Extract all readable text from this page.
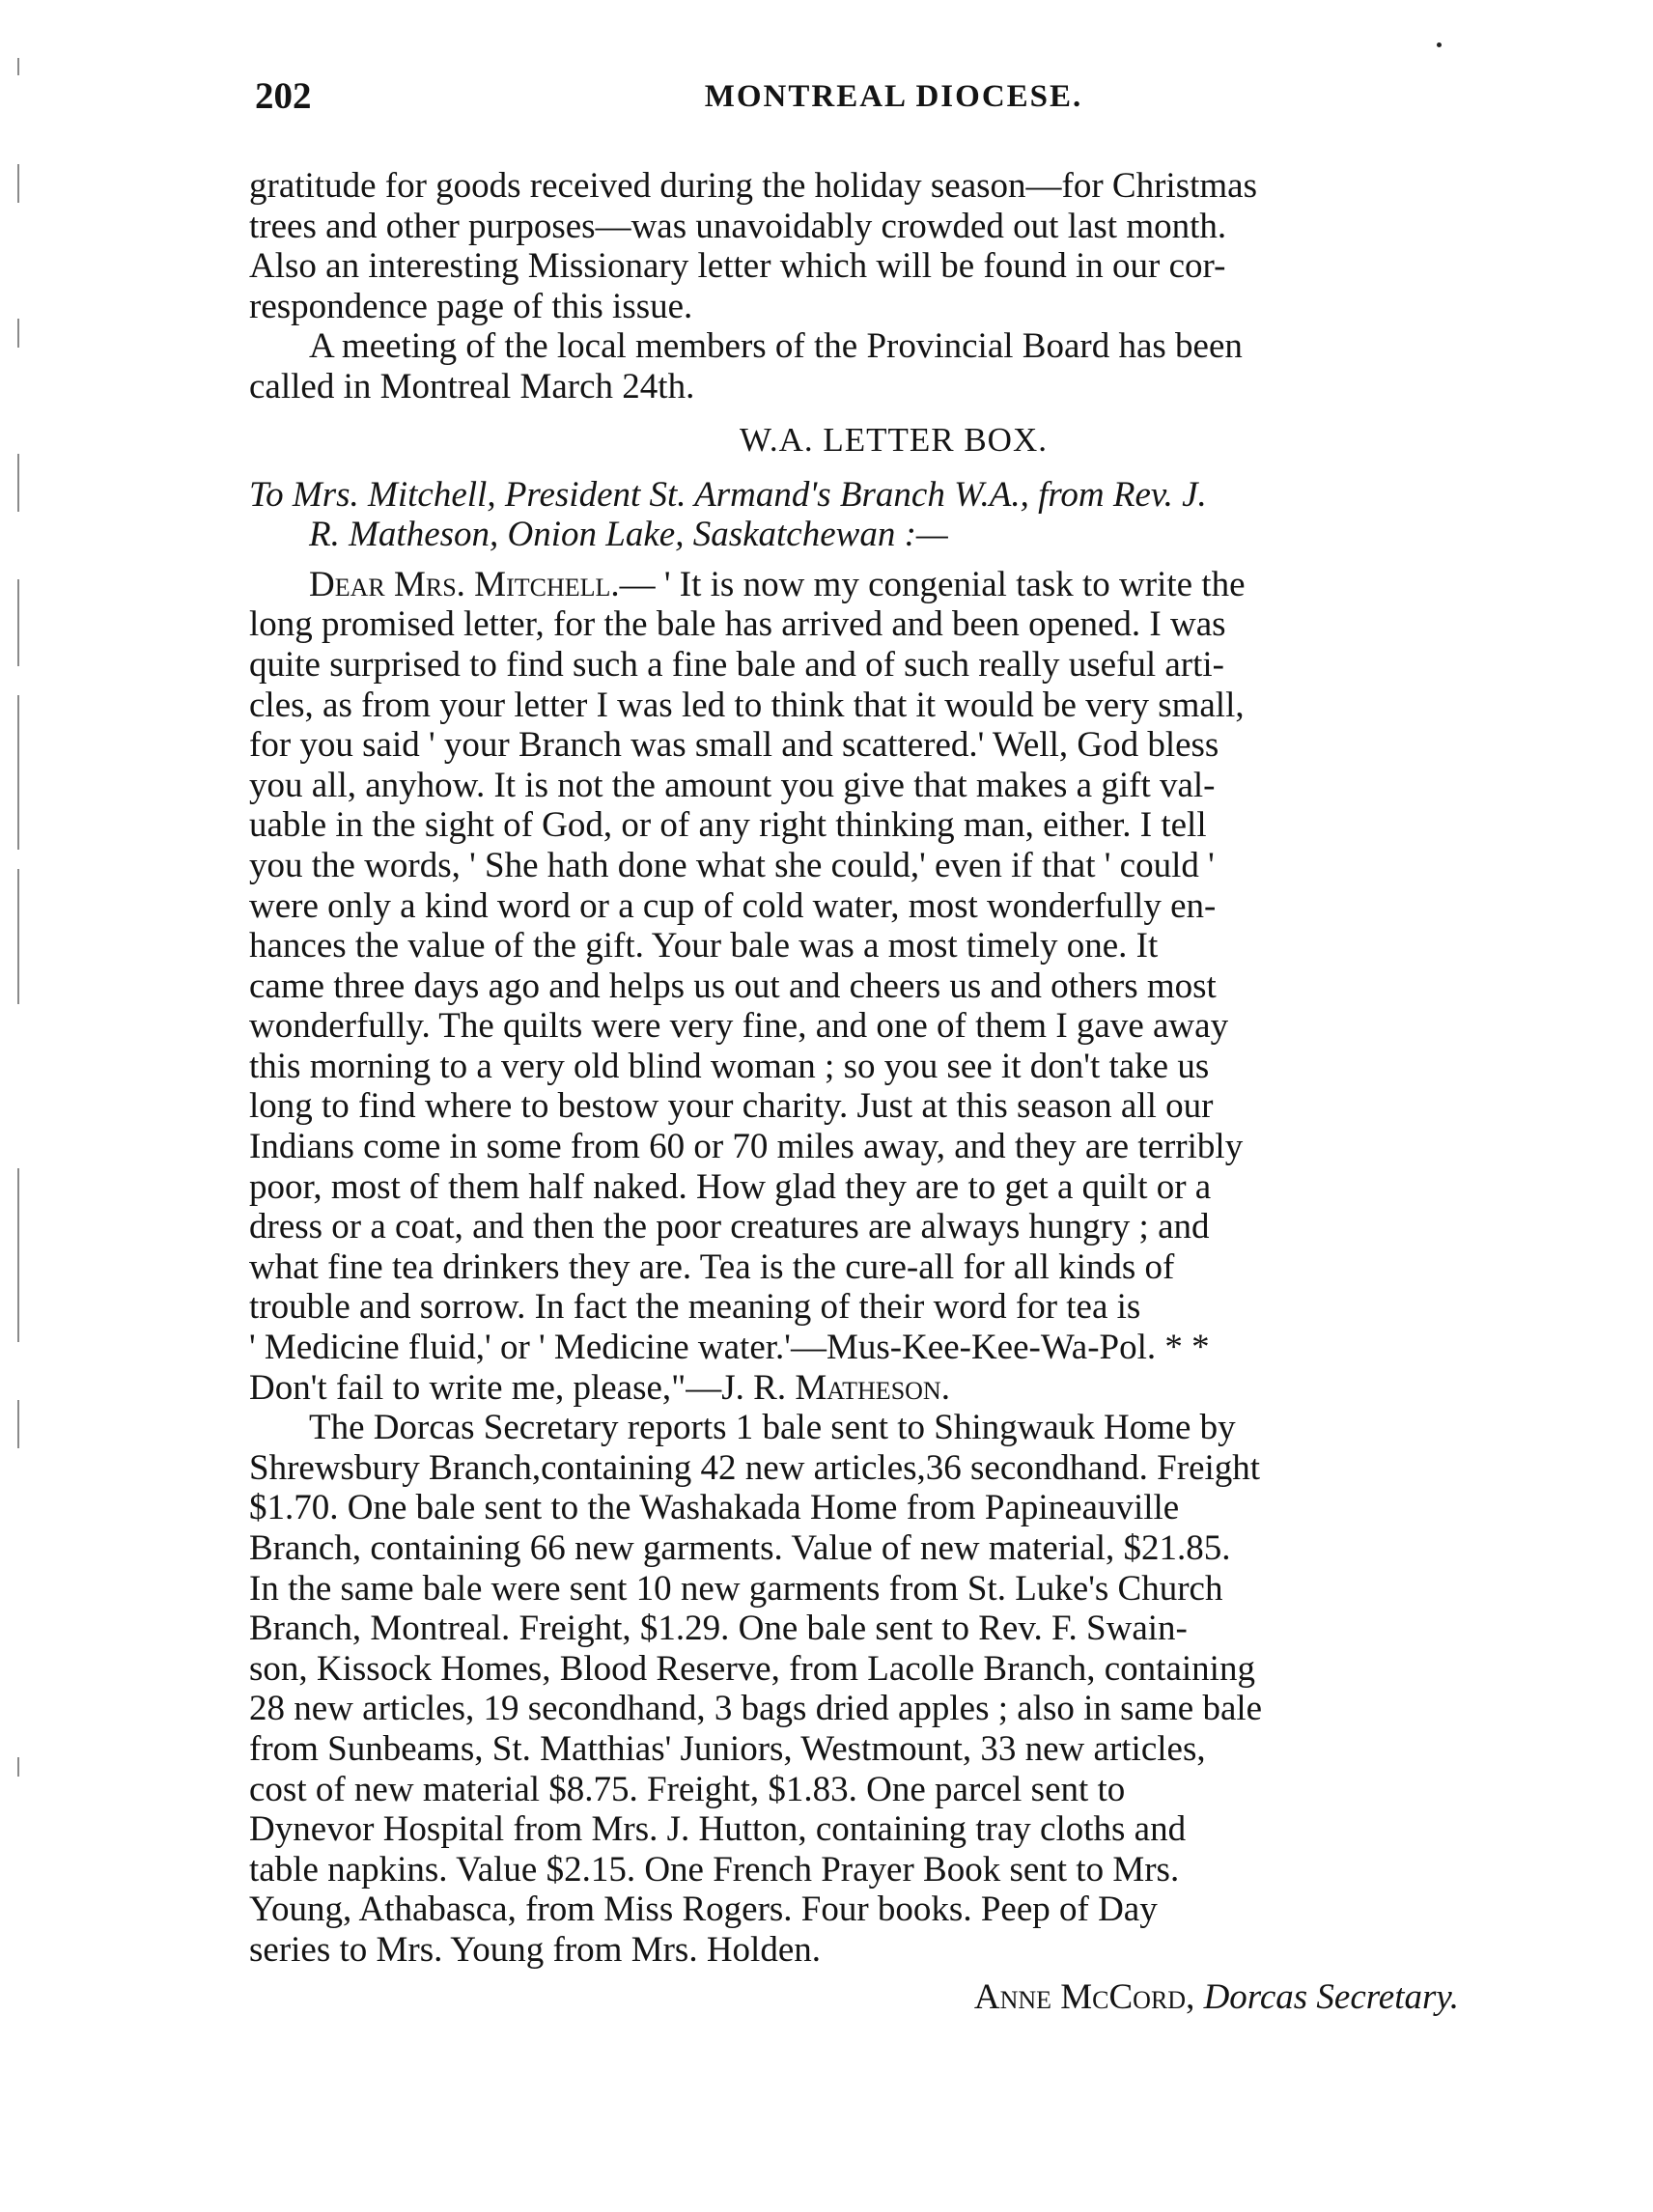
202	MONTREAL DIOCESE.

gratitude for goods received during the holiday season—for Christmas
trees and other purposes—was unavoidably crowded out last month.
Also an interesting Missionary letter which will be found in our cor-
respondence page of this issue.

A meeting of the local members of the Provincial Board has been
called in Montreal March 24th.

W.A. LETTER BOX.
To Mrs. Mitchell, President St. Armand's Branch W.A., from Rev. J.
R. Matheson, Onion Lake, Saskatchewan :—

Dear Mrs. Mitchell.— ' It is now my congenial task to write the
long promised letter, for the bale has arrived and been opened. I was
quite surprised to find such a fine bale and of such really useful arti-
cles, as from your letter I was led to think that it would be very small,
for you said ' your Branch was small and scattered.' Well, God bless
you all, anyhow. It is not the amount you give that makes a gift val-
uable in the sight of God, or of any right thinking man, either. I tell
you the words, ' She hath done what she could,' even if that ' could '
were only a kind word or a cup of cold water, most wonderfully en-
hances the value of the gift. Your bale was a most timely one. It
came three days ago and helps us out and cheers us and others most
wonderfully. The quilts were very fine, and one of them I gave away
this morning to a very old blind woman ; so you see it don't take us
long to find where to bestow your charity. Just at this season all our
Indians come in some from 60 or 70 miles away, and they are terribly
poor, most of them half naked. How glad they are to get a quilt or a
dress or a coat, and then the poor creatures are always hungry ; and
what fine tea drinkers they are. Tea is the cure-all for all kinds of
trouble and sorrow. In fact the meaning of their word for tea is
' Medicine fluid,' or ' Medicine water.'—Mus-Kee-Kee-Wa-Pol. * *
Don't fail to write me, please,"—J. R. Matheson.

The Dorcas Secretary reports 1 bale sent to Shingwauk Home by
Shrewsbury Branch,containing 42 new articles,36 secondhand. Freight
$1.70. One bale sent to the Washakada Home from Papineauville
Branch, containing 66 new garments. Value of new material, $21.85.
In the same bale were sent 10 new garments from St. Luke's Church
Branch, Montreal. Freight, $1.29. One bale sent to Rev. F. Swain-
son, Kissock Homes, Blood Reserve, from Lacolle Branch, containing
28 new articles, 19 secondhand, 3 bags dried apples ; also in same bale
from Sunbeams, St. Matthias' Juniors, Westmount, 33 new articles,
cost of new material $8.75. Freight, $1.83. One parcel sent to
Dynevor Hospital from Mrs. J. Hutton, containing tray cloths and
table napkins. Value $2.15. One French Prayer Book sent to Mrs.
Young, Athabasca, from Miss Rogers. Four books. Peep of Day
series to Mrs. Young from Mrs. Holden.

Anne McCord, Dorcas Secretary.
